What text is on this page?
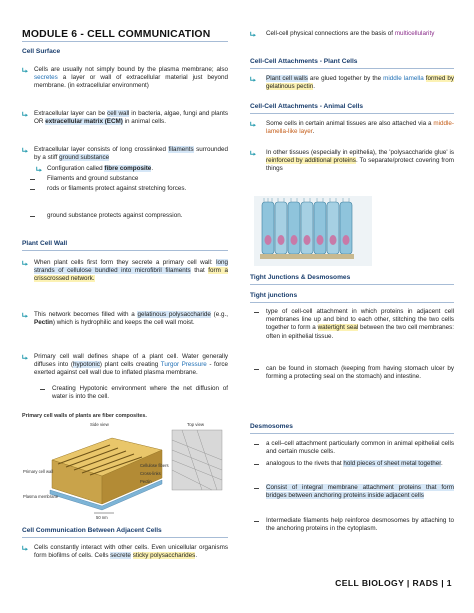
MODULE 6 - CELL COMMUNICATION
Cell Surface
Cells are usually not simply bound by the plasma membrane; also secretes a layer or wall of extracellular material just beyond membrane. (in extracellular environment)
Extracellular layer can be cell wall in bacteria, algae, fungi and plants OR extracellular matrix (ECM) in animal cells.
Extracellular layer consists of long crosslinked filaments surrounded by a stiff ground substance
Configuration called fibre composite.
Filaments and ground substance
rods or filaments protect against stretching forces.
ground substance protects against compression.
Plant Cell Wall
When plant cells first form they secrete a primary cell wall: long strands of cellulose bundled into microfibril filaments that form a crisscrossed network.
This network becomes filled with a gelatinous polysaccharide (e.g., Pectin) which is hydrophilic and keeps the cell wall moist.
Primary cell wall defines shape of a plant cell. Water generally diffuses into (hypotonic) plant cells creating Turgor Pressure - force exerted against cell wall due to inflated plasma membrane.
Creating Hypotonic environment where the net diffusion of water is into the cell.
Primary cell walls of plants are fiber composites.
Side view	Top view
Primary cell wall
Plasma membrane
Cellulose fibers
Cross-links
Pectin
50 nm
Cell Communication Between Adjacent Cells
Cells constantly interact with other cells. Even unicellular organisms form biofilms of cells. Cells secrete sticky polysaccharides.
Cell-cell physical connections are the basis of multicellularity
Cell-Cell Attachments - Plant Cells
Plant cell walls are glued together by the middle lamella formed by gelatinous pectin.
Cell-Cell Attachments - Animal Cells
Some cells in certain animal tissues are also attached via a middle-lamella-like layer.
In other tissues (especially in epithelia), the 'polysaccharide glue' is reinforced by additional proteins. To separate/protect covering from things
Tight Junctions & Desmosomes
Tight junctions
type of cell-cell attachment in which proteins in adjacent cell membranes line up and bind to each other, stitching the two cells together to form a watertight seal between the two cell membranes: often in epithelial tissue.
can be found in stomach (keeping from having stomach ulcer by forming a protecting seal on the stomach) and intestine.
Desmosomes
a cell–cell attachment particularly common in animal epithelial cells and certain muscle cells.
analogous to the rivets that hold pieces of sheet metal together.
Consist of integral membrane attachment proteins that form bridges between anchoring proteins inside adjacent cells
Intermediate filaments help reinforce desmosomes by attaching to the anchoring proteins in the cytoplasm.
CELL BIOLOGY | RADS | 1
